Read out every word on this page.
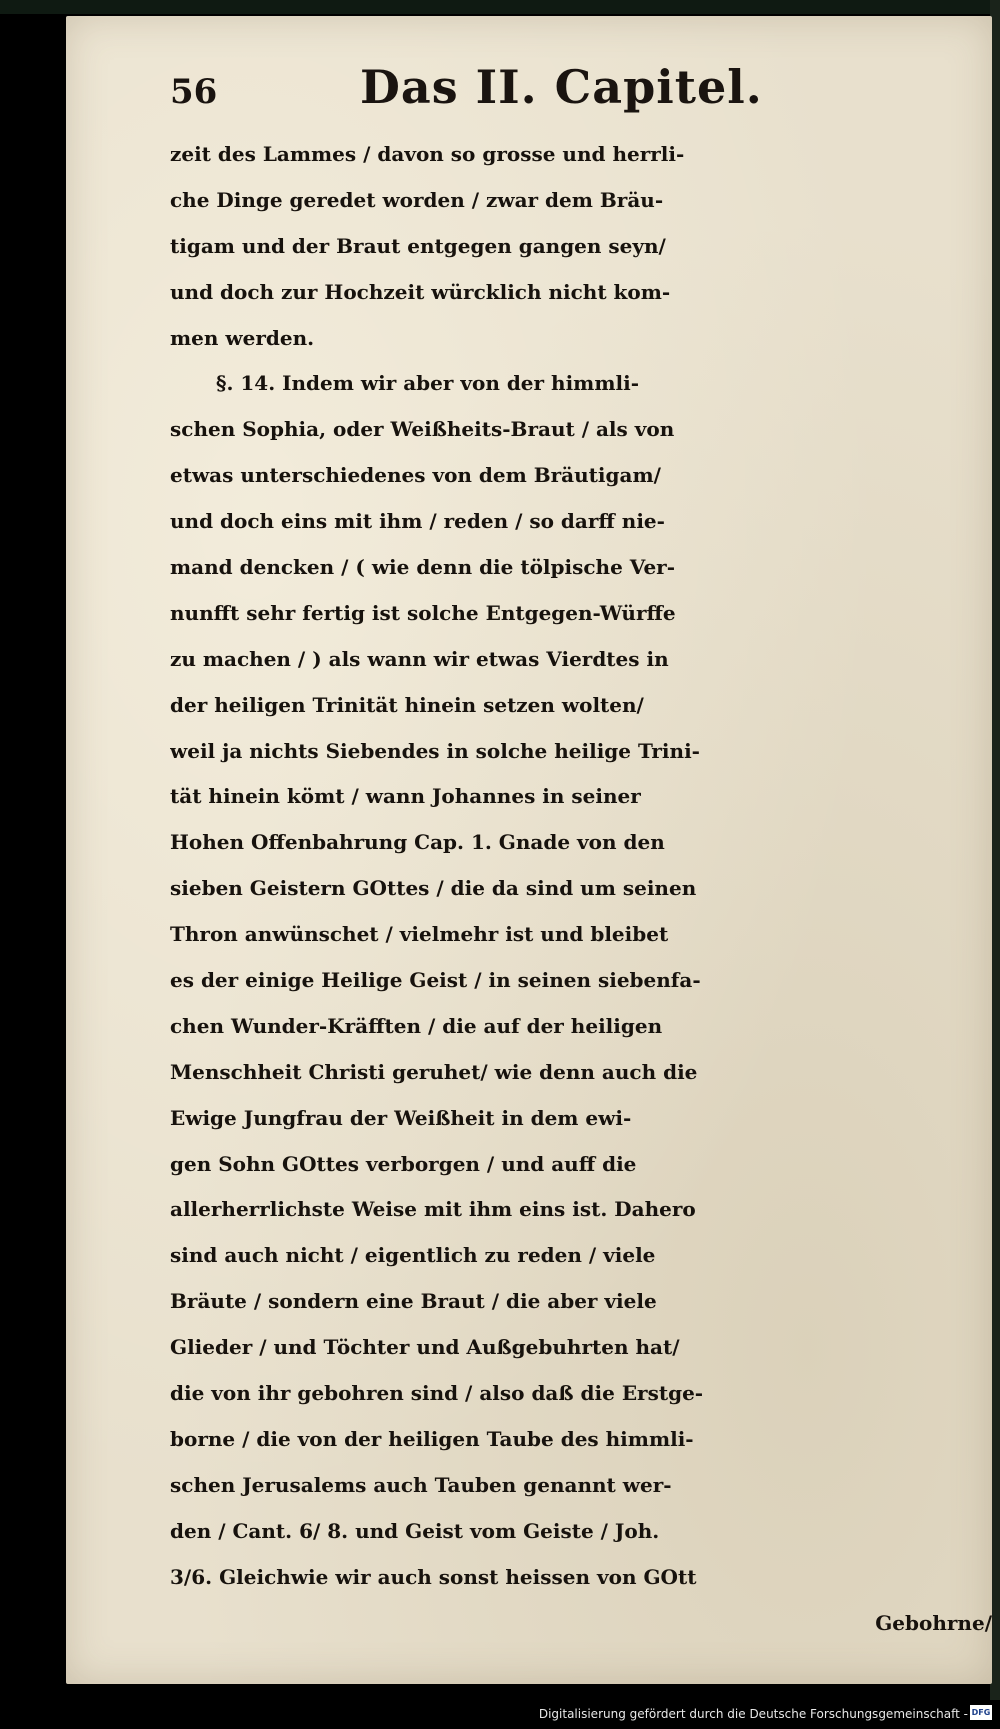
56	Das II. Capitel.
zeit des Lammes / davon so grosse und herrli-
che Dinge geredet worden / zwar dem Bräu-
tigam und der Braut entgegen gangen seyn/
und doch zur Hochzeit würcklich nicht kom-
men werden.
§. 14. Indem wir aber von der himmli-
schen Sophia, oder Weißheits-Braut / als von
etwas unterschiedenes von dem Bräutigam/
und doch eins mit ihm / reden / so darff nie-
mand dencken / ( wie denn die tölpische Ver-
nunfft sehr fertig ist solche Entgegen-Würffe
zu machen / ) als wann wir etwas Vierdtes in
der heiligen Trinität hinein setzen wolten/
weil ja nichts Siebendes in solche heilige Trini-
tät hinein kömt / wann Johannes in seiner
Hohen Offenbahrung Cap. 1. Gnade von den
sieben Geistern GOttes / die da sind um seinen
Thron anwünschet / vielmehr ist und bleibet
es der einige Heilige Geist / in seinen siebenfa-
chen Wunder-Kräfften / die auf der heiligen
Menschheit Christi geruhet/ wie denn auch die
Ewige Jungfrau der Weißheit in dem ewi-
gen Sohn GOttes verborgen / und auff die
allerherrlichste Weise mit ihm eins ist. Dahero
sind auch nicht / eigentlich zu reden / viele
Bräute / sondern eine Braut / die aber viele
Glieder / und Töchter und Außgebuhrten hat/
die von ihr gebohren sind / also daß die Erstge-
borne / die von der heiligen Taube des himmli-
schen Jerusalems auch Tauben genannt wer-
den / Cant. 6/ 8. und Geist vom Geiste / Joh.
3/6. Gleichwie wir auch sonst heissen von GOtt
Gebohrne/
Digitalisierung gefördert durch die Deutsche Forschungsgemeinschaft - DFG
